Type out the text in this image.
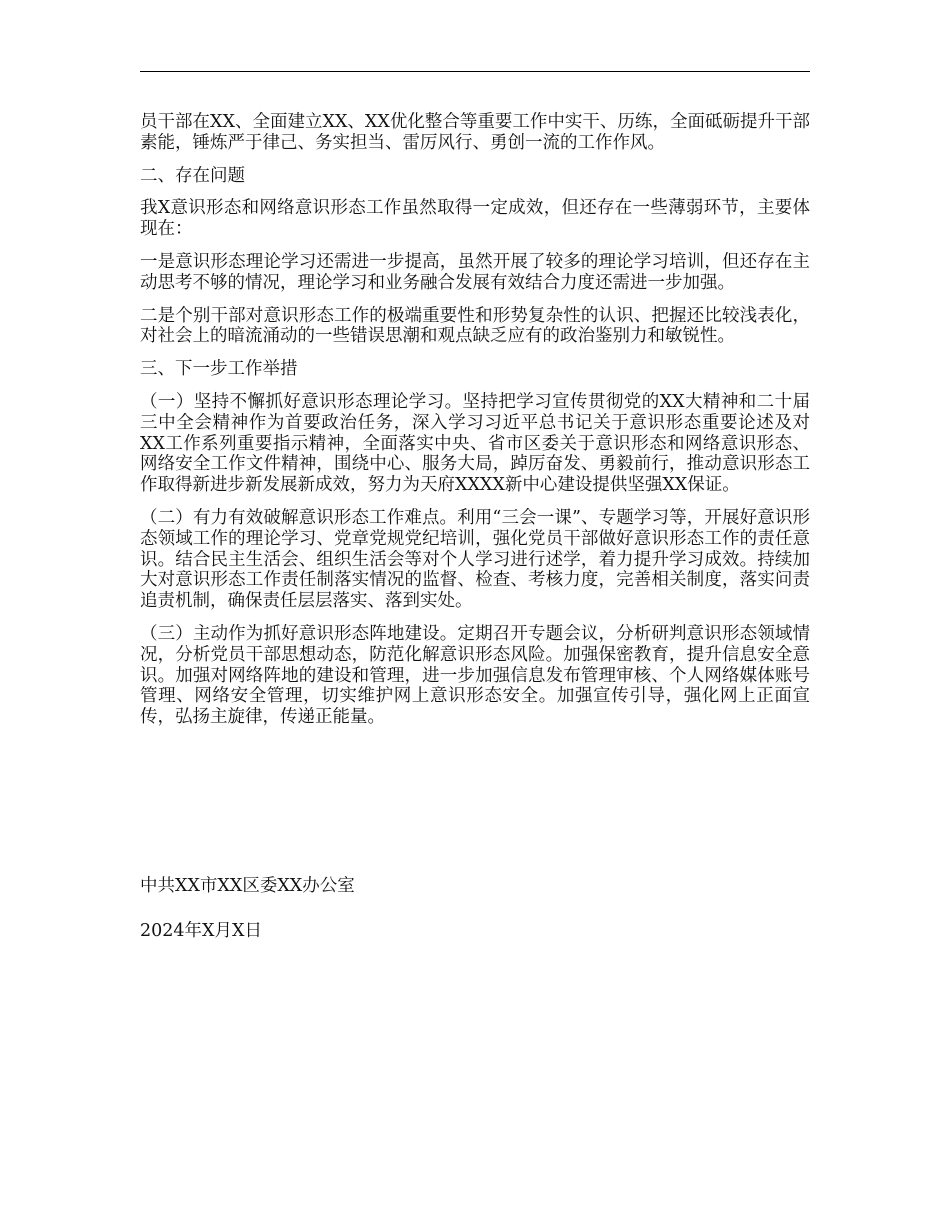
员干部在XX、全面建立XX、XX优化整合等重要工作中实干、历练，全面砥砺提升干部素能，锤炼严于律己、务实担当、雷厉风行、勇创一流的工作作风。

二、存在问题

我X意识形态和网络意识形态工作虽然取得一定成效，但还存在一些薄弱环节，主要体现在：

一是意识形态理论学习还需进一步提高，虽然开展了较多的理论学习培训，但还存在主动思考不够的情况，理论学习和业务融合发展有效结合力度还需进一步加强。

二是个别干部对意识形态工作的极端重要性和形势复杂性的认识、把握还比较浅表化，对社会上的暗流涌动的一些错误思潮和观点缺乏应有的政治鉴别力和敏锐性。

三、下一步工作举措

（一）坚持不懈抓好意识形态理论学习。坚持把学习宣传贯彻党的XX大精神和二十届三中全会精神作为首要政治任务，深入学习习近平总书记关于意识形态重要论述及对XX工作系列重要指示精神，全面落实中央、省市区委关于意识形态和网络意识形态、网络安全工作文件精神，围绕中心、服务大局，踔厉奋发、勇毅前行，推动意识形态工作取得新进步新发展新成效，努力为天府XXXX新中心建设提供坚强XX保证。

（二）有力有效破解意识形态工作难点。利用“三会一课”、专题学习等，开展好意识形态领域工作的理论学习、党章党规党纪培训，强化党员干部做好意识形态工作的责任意识。结合民主生活会、组织生活会等对个人学习进行述学，着力提升学习成效。持续加大对意识形态工作责任制落实情况的监督、检查、考核力度，完善相关制度，落实问责追责机制，确保责任层层落实、落到实处。

（三）主动作为抓好意识形态阵地建设。定期召开专题会议，分析研判意识形态领域情况，分析党员干部思想动态，防范化解意识形态风险。加强保密教育，提升信息安全意识。加强对网络阵地的建设和管理，进一步加强信息发布管理审核、个人网络媒体账号管理、网络安全管理，切实维护网上意识形态安全。加强宣传引导，强化网上正面宣传，弘扬主旋律，传递正能量。

中共XX市XX区委XX办公室

2024年X月X日
